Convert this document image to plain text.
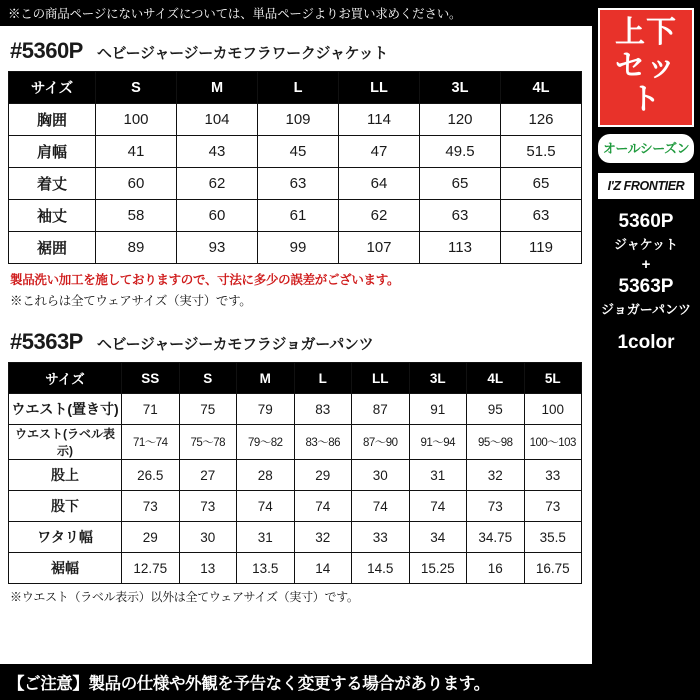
※この商品ページにないサイズについては、単品ページよりお買い求めください。
#5360P ヘビージャージーカモフラワークジャケット
サイズ	S	M	L	LL	3L	4L
胸囲	100	104	109	114	120	126
肩幅	41	43	45	47	49.5	51.5
着丈	60	62	63	64	65	65
袖丈	58	60	61	62	63	63
裾囲	89	93	99	107	113	119
製品洗い加工を施しておりますので、寸法に多少の誤差がございます。
※これらは全てウェアサイズ（実寸）です。
#5363P ヘビージャージーカモフラジョガーパンツ
サイズ	SS	S	M	L	LL	3L	4L	5L
ウエスト(置き寸)	71	75	79	83	87	91	95	100
ウエスト(ラベル表示)	71～74	75～78	79～82	83～86	87～90	91～94	95～98	100～103
股上	26.5	27	28	29	30	31	32	33
股下	73	73	74	74	74	74	73	73
ワタリ幅	29	30	31	32	33	34	34.75	35.5
裾幅	12.75	13	13.5	14	14.5	15.25	16	16.75
※ウエスト（ラベル表示）以外は全てウェアサイズ（実寸）です。
上下
セット
オールシーズン
I'Z FRONTIER
5360P
ジャケット
+
5363P
ジョガーパンツ
1color
【ご注意】製品の仕様や外観を予告なく変更する場合があります。
